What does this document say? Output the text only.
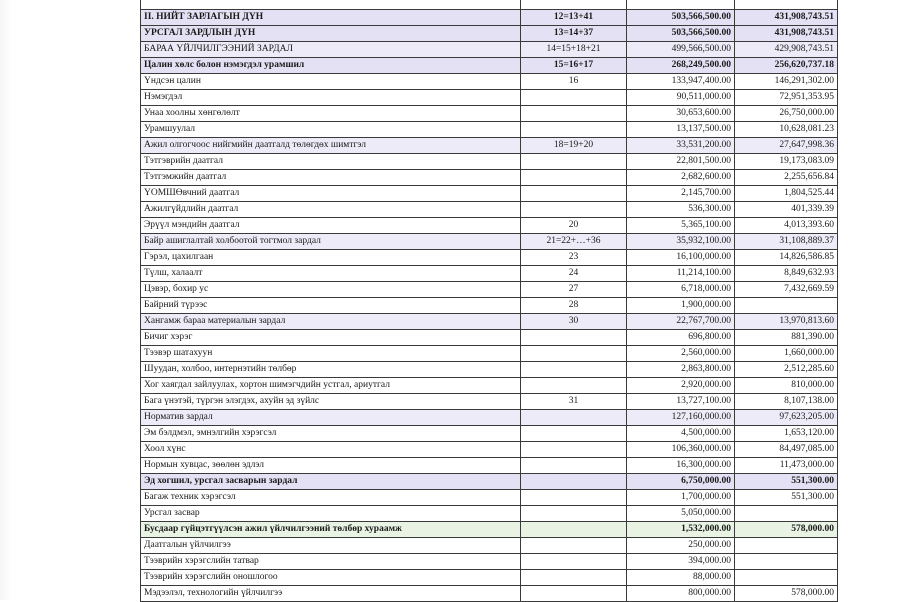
II. НИЙТ ЗАРЛАГЫН ДҮН	12=13+41	503,566,500.00	431,908,743.51
УРСГАЛ ЗАРДЛЫН ДҮН	13=14+37	503,566,500.00	431,908,743.51
БАРАА ҮЙЛЧИЛГЭЭНИЙ ЗАРДАЛ	14=15+18+21	499,566,500.00	429,908,743.51
Цалин хөлс болон нэмэгдэл урамшил	15=16+17	268,249,500.00	256,620,737.18
Үндсэн цалин	16	133,947,400.00	146,291,302.00
Нэмэгдэл		90,511,000.00	72,951,353.95
Унаа хоолны хөнгөлөлт		30,653,600.00	26,750,000.00
Урамшуулал		13,137,500.00	10,628,081.23
Ажил олгогчоос нийгмийн даатгалд төлөгдөх шимтгэл	18=19+20	33,531,200.00	27,647,998.36
Тэтгэврийн даатгал		22,801,500.00	19,173,083.09
Тэтгэмжийн даатгал		2,682,600.00	2,255,656.84
ҮОМШӨвчний даатгал		2,145,700.00	1,804,525.44
Ажилгүйдлийн даатгал		536,300.00	401,339.39
Эрүүл мэндийн даатгал	20	5,365,100.00	4,013,393.60
Байр ашиглалтай холбоотой тогтмол зардал	21=22+…+36	35,932,100.00	31,108,889.37
Гэрэл, цахилгаан	23	16,100,000.00	14,826,586.85
Түлш, халаалт	24	11,214,100.00	8,849,632.93
Цэвэр, бохир ус	27	6,718,000.00	7,432,669.59
Байрний түрээс	28	1,900,000.00	
Хангамж бараа материалын зардал	30	22,767,700.00	13,970,813.60
Бичиг хэрэг		696,800.00	881,390.00
Тээвэр шатахуун		2,560,000.00	1,660,000.00
Шуудан, холбоо, интернэтийн төлбөр		2,863,800.00	2,512,285.60
Хог хаягдал зайлуулах, хортон шимэгчдийн устгал, ариутгал		2,920,000.00	810,000.00
Бага үнэтэй, түргэн элэгдэх, ахуйн эд зүйлс	31	13,727,100.00	8,107,138.00
Норматив зардал		127,160,000.00	97,623,205.00
Эм бэлдмэл, эмнэлгийн хэрэгсэл		4,500,000.00	1,653,120.00
Хоол хүнс		106,360,000.00	84,497,085.00
Нормын хувцас, зөөлөн эдлэл		16,300,000.00	11,473,000.00
Эд хогшил, урсгал засварын зардал		6,750,000.00	551,300.00
Багаж техник хэрэгсэл		1,700,000.00	551,300.00
Урсгал засвар		5,050,000.00	
Бусдаар гүйцэтгүүлсэн ажил үйлчилгээний төлбөр хураамж		1,532,000.00	578,000.00
Даатгалын үйлчилгээ		250,000.00	
Тээврийн хэрэгслийн татвар		394,000.00	
Тээврийн хэрэгслийн оношлогоо		88,000.00	
Мэдээлэл, технологийн үйлчилгээ		800,000.00	578,000.00
